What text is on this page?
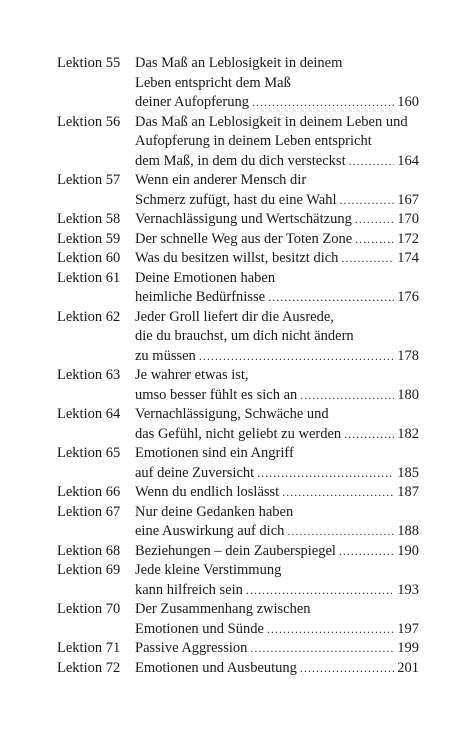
Lektion 55	Das Maß an Leblosigkeit in deinem
Leben entspricht dem Maß
deiner Aufopferung .....	160
Lektion 56	Das Maß an Leblosigkeit in deinem Leben und
Aufopferung in deinem Leben entspricht
dem Maß, in dem du dich versteckst .....	164
Lektion 57	Wenn ein anderer Mensch dir
Schmerz zufügt, hast du eine Wahl .....	167
Lektion 58	Vernachlässigung und Wertschätzung .....	170
Lektion 59	Der schnelle Weg aus der Toten Zone .....	172
Lektion 60	Was du besitzen willst, besitzt dich .....	174
Lektion 61	Deine Emotionen haben
heimliche Bedürfnisse .....	176
Lektion 62	Jeder Groll liefert dir die Ausrede,
die du brauchst, um dich nicht ändern
zu müssen .....	178
Lektion 63	Je wahrer etwas ist,
umso besser fühlt es sich an .....	180
Lektion 64	Vernachlässigung, Schwäche und
das Gefühl, nicht geliebt zu werden .....	182
Lektion 65	Emotionen sind ein Angriff
auf deine Zuversicht .....	185
Lektion 66	Wenn du endlich loslässt .....	187
Lektion 67	Nur deine Gedanken haben
eine Auswirkung auf dich .....	188
Lektion 68	Beziehungen – dein Zauberspiegel .....	190
Lektion 69	Jede kleine Verstimmung
kann hilfreich sein .....	193
Lektion 70	Der Zusammenhang zwischen
Emotionen und Sünde .....	197
Lektion 71	Passive Aggression .....	199
Lektion 72	Emotionen und Ausbeutung .....	201
